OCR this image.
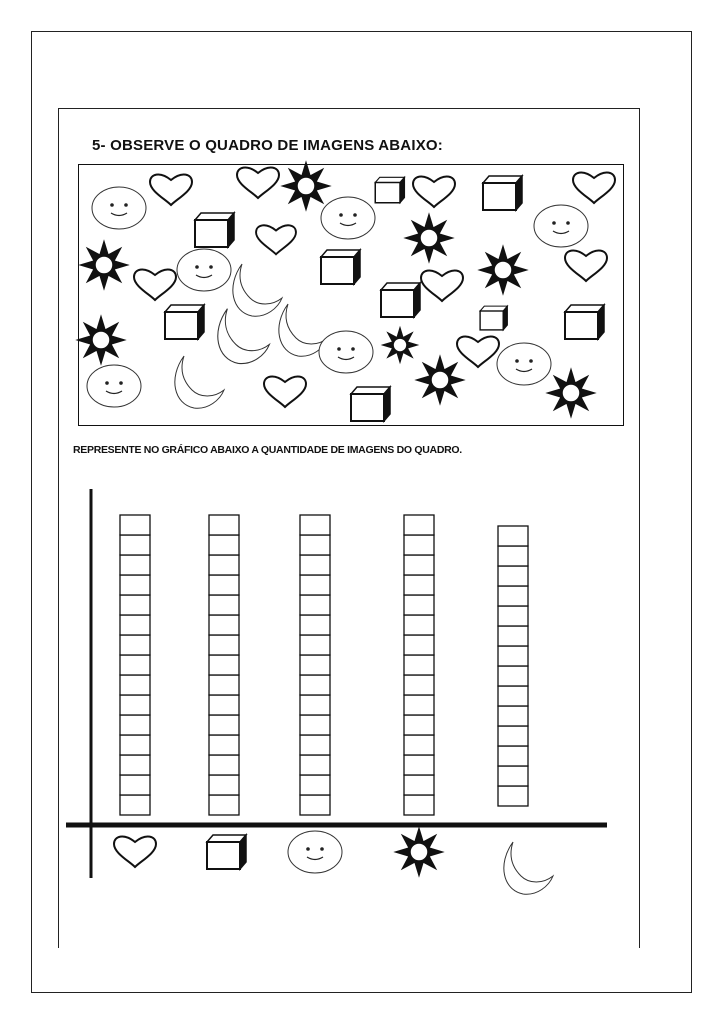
5- OBSERVE O QUADRO DE IMAGENS ABAIXO:
REPRESENTE NO GRÁFICO ABAIXO A QUANTIDADE DE IMAGENS DO QUADRO.
